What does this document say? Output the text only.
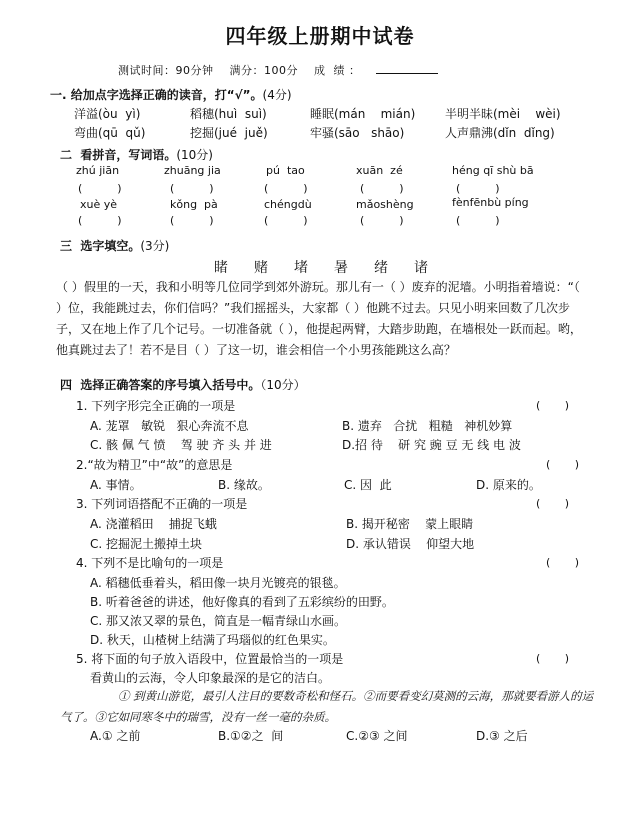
四年级上册期中试卷
测试时间：90分钟    满分：100分    成  绩 ：
一. 给加点字选择正确的读音，打“√”。(4分)
洋溢(òu  yì)	稻穗(huì  suì)	睡眠(mán    mián) 半明半昧(mèi    wèi)
弯曲(qū  qǔ)	挖掘(jué  juě)	牢骚(sāo   shāo)	人声鼎沸(dǐn  dǐng)
二  看拼音，写词语。(10分)
zhú jiān	zhuāng jia	pú  tao	xuān  zé	héng qī shù bā
(          )	(          )	(          )	(          )	(          )
xuè yè	kǒng  pà	chéngdù	mǎoshèng	fènfēnbù píng
(          )	(          )	(          )	(          )	(          )
三  选字填空。(3分)

睹

赌

堵

暑

绪

诸

（ ）假里的一天，我和小明等几位同学到郊外游玩。那儿有一（ ）废弃的泥墙。小明指着墙说：“（ ）位，我能跳过去，你们信吗？”我们摇摇头，大家都（ ）他跳不过去。只见小明来回数了几次步子，又在地上作了几个记号。一切准备就（ ），他提起两臂，大踏步助跑，在墙根处一跃而起。哟，他真跳过去了！若不是目（ ）了这一切，谁会相信一个小男孩能跳这么高？
四  选择正确答案的序号填入括号中。（10分）
1. 下列字形完全正确的一项是	(       )
A. 茏罩   敏锐   狠心奔流不息	B. 遗弃   合扰   粗糙   神机妙算
C. 骸 佩 气 愤    驾 驶 齐 头 并 进	D.招 待    研 究 豌 豆 无 线 电 波
2.“故为精卫”中“故”的意思是	(       )
A. 事情。	B. 缘故。	C. 因  此	D. 原来的。
3. 下列词语搭配不正确的一项是	(       )
A. 浇灌稻田    捕捉飞蛾	B. 揭开秘密    蒙上眼睛
C. 挖掘泥土搬掉土块	D. 承认错误    仰望大地
4. 下列不是比喻句的一项是	(       )
A. 稻穗低垂着头，稻田像一块月光镀亮的银毯。
B. 听着爸爸的讲述，他好像真的看到了五彩缤纷的田野。
C. 那又浓又翠的景色，简直是一幅青绿山水画。
D. 秋天，山楂树上结满了玛瑙似的红色果实。
5. 将下面的句子放入语段中，位置最恰当的一项是	(       )
看黄山的云海，令人印象最深的是它的洁白。
① 到黄山游览，最引人注目的要数奇松和怪石。②而要看变幻莫测的云海，那就要看游人的运气了。③它如同寒冬中的瑞雪，没有一丝一毫的杂质。
A.① 之前	B.①②之  间	C.②③ 之间	D.③ 之后
